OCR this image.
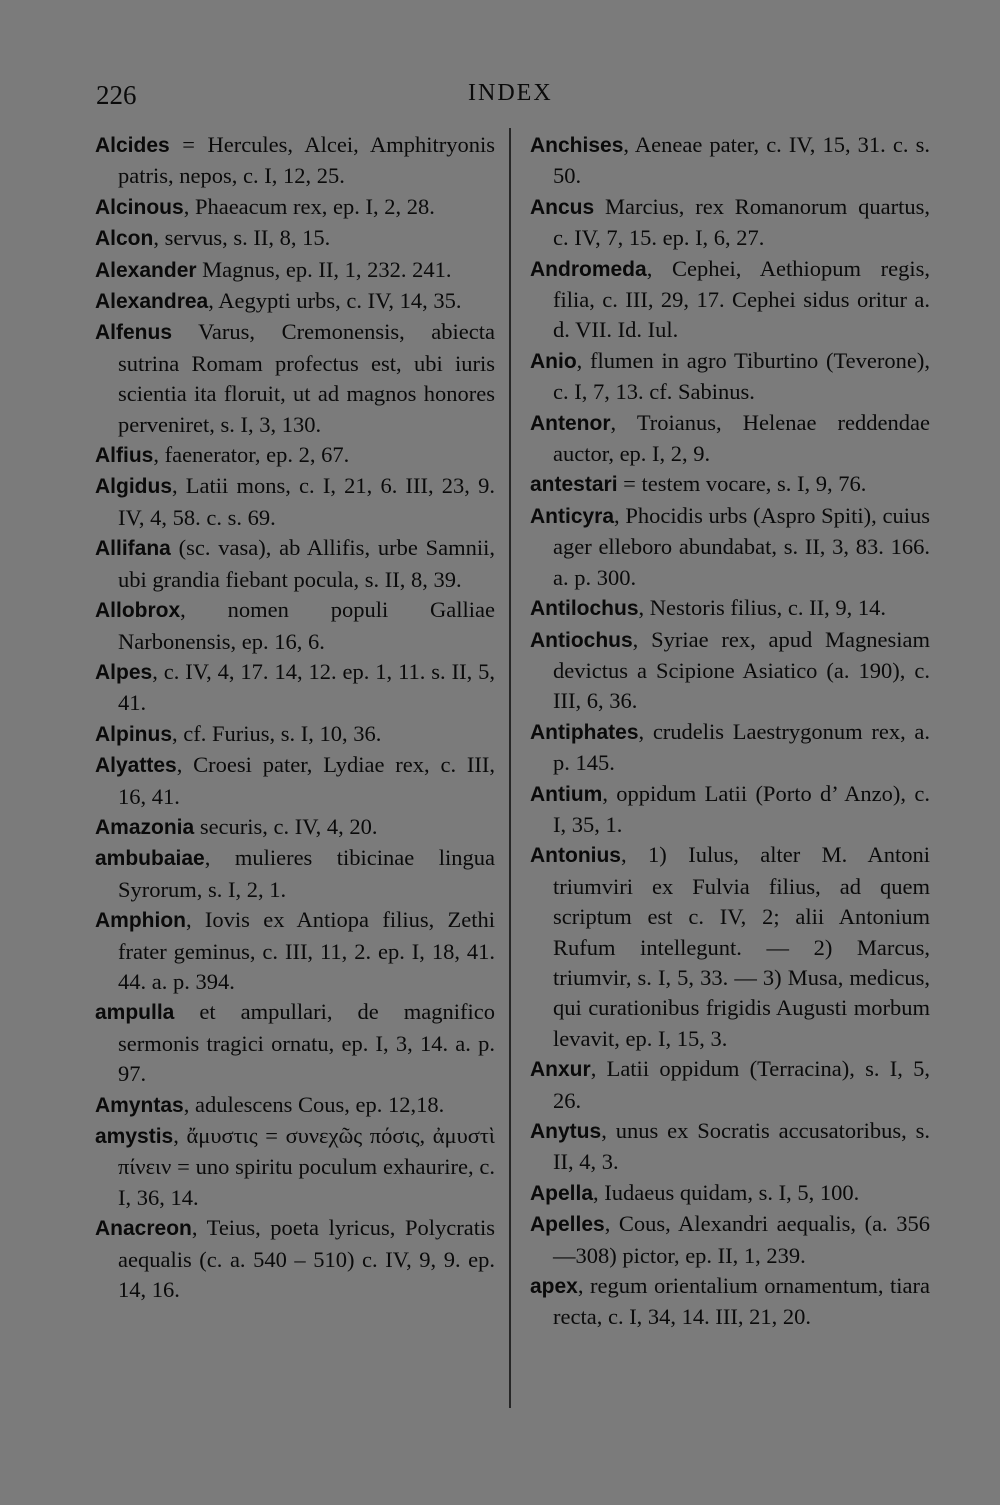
226	INDEX

Alcides = Hercules, Alcei, Amphitryonis patris, nepos, c. I, 12, 25.

Alcinous, Phaeacum rex, ep. I, 2, 28.

Alcon, servus, s. II, 8, 15.

Alexander Magnus, ep. II, 1, 232. 241.

Alexandrea, Aegypti urbs, c. IV, 14, 35.

Alfenus Varus, Cremonensis, abiecta sutrina Romam profectus est, ubi iuris scientia ita floruit, ut ad magnos honores perveniret, s. I, 3, 130.

Alfius, faenerator, ep. 2, 67.

Algidus, Latii mons, c. I, 21, 6. III, 23, 9. IV, 4, 58. c. s. 69.

Allifana (sc. vasa), ab Allifis, urbe Samnii, ubi grandia fiebant pocula, s. II, 8, 39.

Allobrox, nomen populi Galliae Narbonensis, ep. 16, 6.

Alpes, c. IV, 4, 17. 14, 12. ep. 1, 11. s. II, 5, 41.

Alpinus, cf. Furius, s. I, 10, 36.

Alyattes, Croesi pater, Lydiae rex, c. III, 16, 41.

Amazonia securis, c. IV, 4, 20.

ambubaiae, mulieres tibicinae lingua Syrorum, s. I, 2, 1.

Amphion, Iovis ex Antiopa filius, Zethi frater geminus, c. III, 11, 2. ep. I, 18, 41. 44. a. p. 394.

ampulla et ampullari, de magnifico sermonis tragici ornatu, ep. I, 3, 14. a. p. 97.

Amyntas, adulescens Cous, ep. 12,18.

amystis, ἄμυστις = συνεχῶς πόσις, ἀμυστὶ πίνειν = uno spiritu poculum exhaurire, c. I, 36, 14.

Anacreon, Teius, poeta lyricus, Polycratis aequalis (c. a. 540 – 510) c. IV, 9, 9. ep. 14, 16.

Anchises, Aeneae pater, c. IV, 15, 31. c. s. 50.

Ancus Marcius, rex Romanorum quartus, c. IV, 7, 15. ep. I, 6, 27.

Andromeda, Cephei, Aethiopum regis, filia, c. III, 29, 17. Cephei sidus oritur a. d. VII. Id. Iul.

Anio, flumen in agro Tiburtino (Teverone), c. I, 7, 13. cf. Sabinus.

Antenor, Troianus, Helenae reddendae auctor, ep. I, 2, 9.

antestari = testem vocare, s. I, 9, 76.

Anticyra, Phocidis urbs (Aspro Spiti), cuius ager elleboro abundabat, s. II, 3, 83. 166. a. p. 300.

Antilochus, Nestoris filius, c. II, 9, 14.

Antiochus, Syriae rex, apud Magnesiam devictus a Scipione Asiatico (a. 190), c. III, 6, 36.

Antiphates, crudelis Laestrygonum rex, a. p. 145.

Antium, oppidum Latii (Porto d’ Anzo), c. I, 35, 1.

Antonius, 1) Iulus, alter M. Antoni triumviri ex Fulvia filius, ad quem scriptum est c. IV, 2; alii Antonium Rufum intellegunt. — 2) Marcus, triumvir, s. I, 5, 33. — 3) Musa, medicus, qui curationibus frigidis Augusti morbum levavit, ep. I, 15, 3.

Anxur, Latii oppidum (Terracina), s. I, 5, 26.

Anytus, unus ex Socratis accusatoribus, s. II, 4, 3.

Apella, Iudaeus quidam, s. I, 5, 100.

Apelles, Cous, Alexandri aequalis, (a. 356—308) pictor, ep. II, 1, 239.

apex, regum orientalium ornamentum, tiara recta, c. I, 34, 14. III, 21, 20.
